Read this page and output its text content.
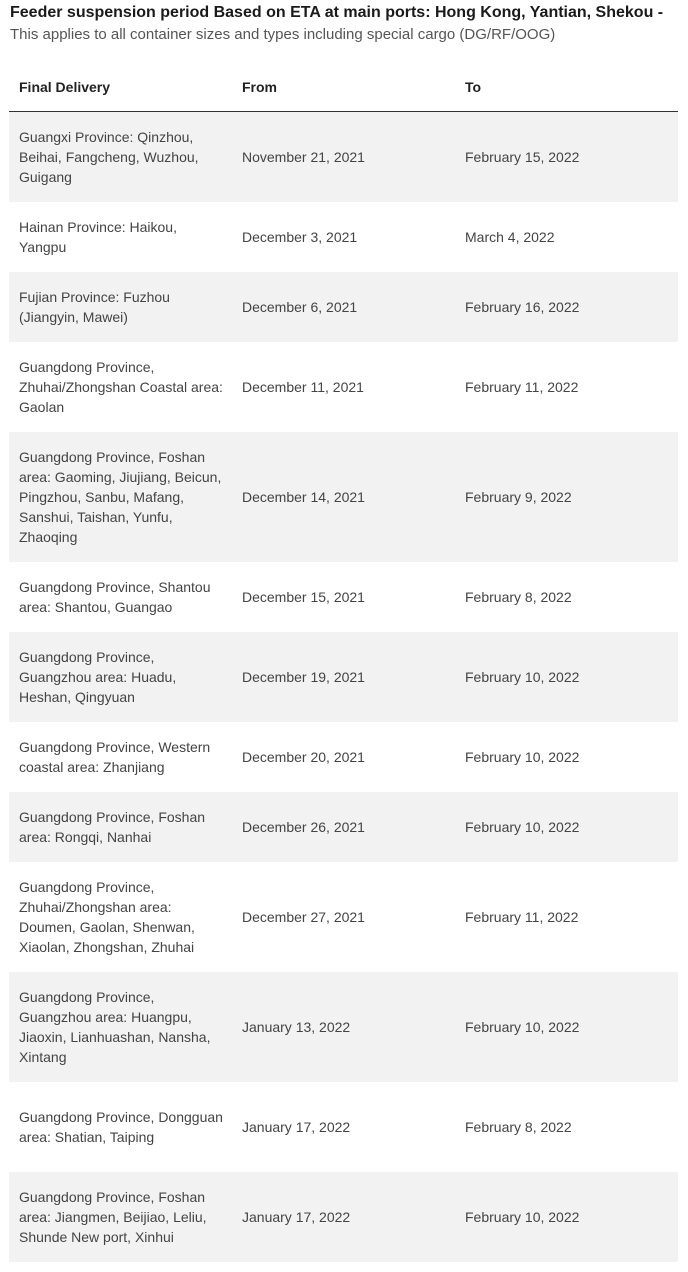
Feeder suspension period Based on ETA at main ports: Hong Kong, Yantian, Shekou -
This applies to all container sizes and types including special cargo (DG/RF/OOG)
Final Delivery	From	To
Guangxi Province: Qinzhou, Beihai, Fangcheng, Wuzhou, Guigang
November 21, 2021	February 15, 2022
Hainan Province: Haikou, Yangpu
December 3, 2021	March 4, 2022
Fujian Province: Fuzhou (Jiangyin, Mawei)
December 6, 2021	February 16, 2022
Guangdong Province, Zhuhai/Zhongshan Coastal area: Gaolan
December 11, 2021	February 11, 2022
Guangdong Province, Foshan area: Gaoming, Jiujiang, Beicun, Pingzhou, Sanbu, Mafang, Sanshui, Taishan, Yunfu, Zhaoqing
December 14, 2021	February 9, 2022
Guangdong Province, Shantou area: Shantou, Guangao
December 15, 2021	February 8, 2022
Guangdong Province, Guangzhou area: Huadu, Heshan, Qingyuan
December 19, 2021	February 10, 2022
Guangdong Province, Western coastal area: Zhanjiang
December 20, 2021	February 10, 2022
Guangdong Province, Foshan area: Rongqi, Nanhai
December 26, 2021	February 10, 2022
Guangdong Province, Zhuhai/Zhongshan area: Doumen, Gaolan, Shenwan, Xiaolan, Zhongshan, Zhuhai
December 27, 2021	February 11, 2022
Guangdong Province, Guangzhou area: Huangpu, Jiaoxin, Lianhuashan, Nansha, Xintang
January 13, 2022	February 10, 2022
Guangdong Province, Dongguan area: Shatian, Taiping
January 17, 2022	February 8, 2022
Guangdong Province, Foshan area: Jiangmen, Beijiao, Leliu, Shunde New port, Xinhui
January 17, 2022	February 10, 2022
